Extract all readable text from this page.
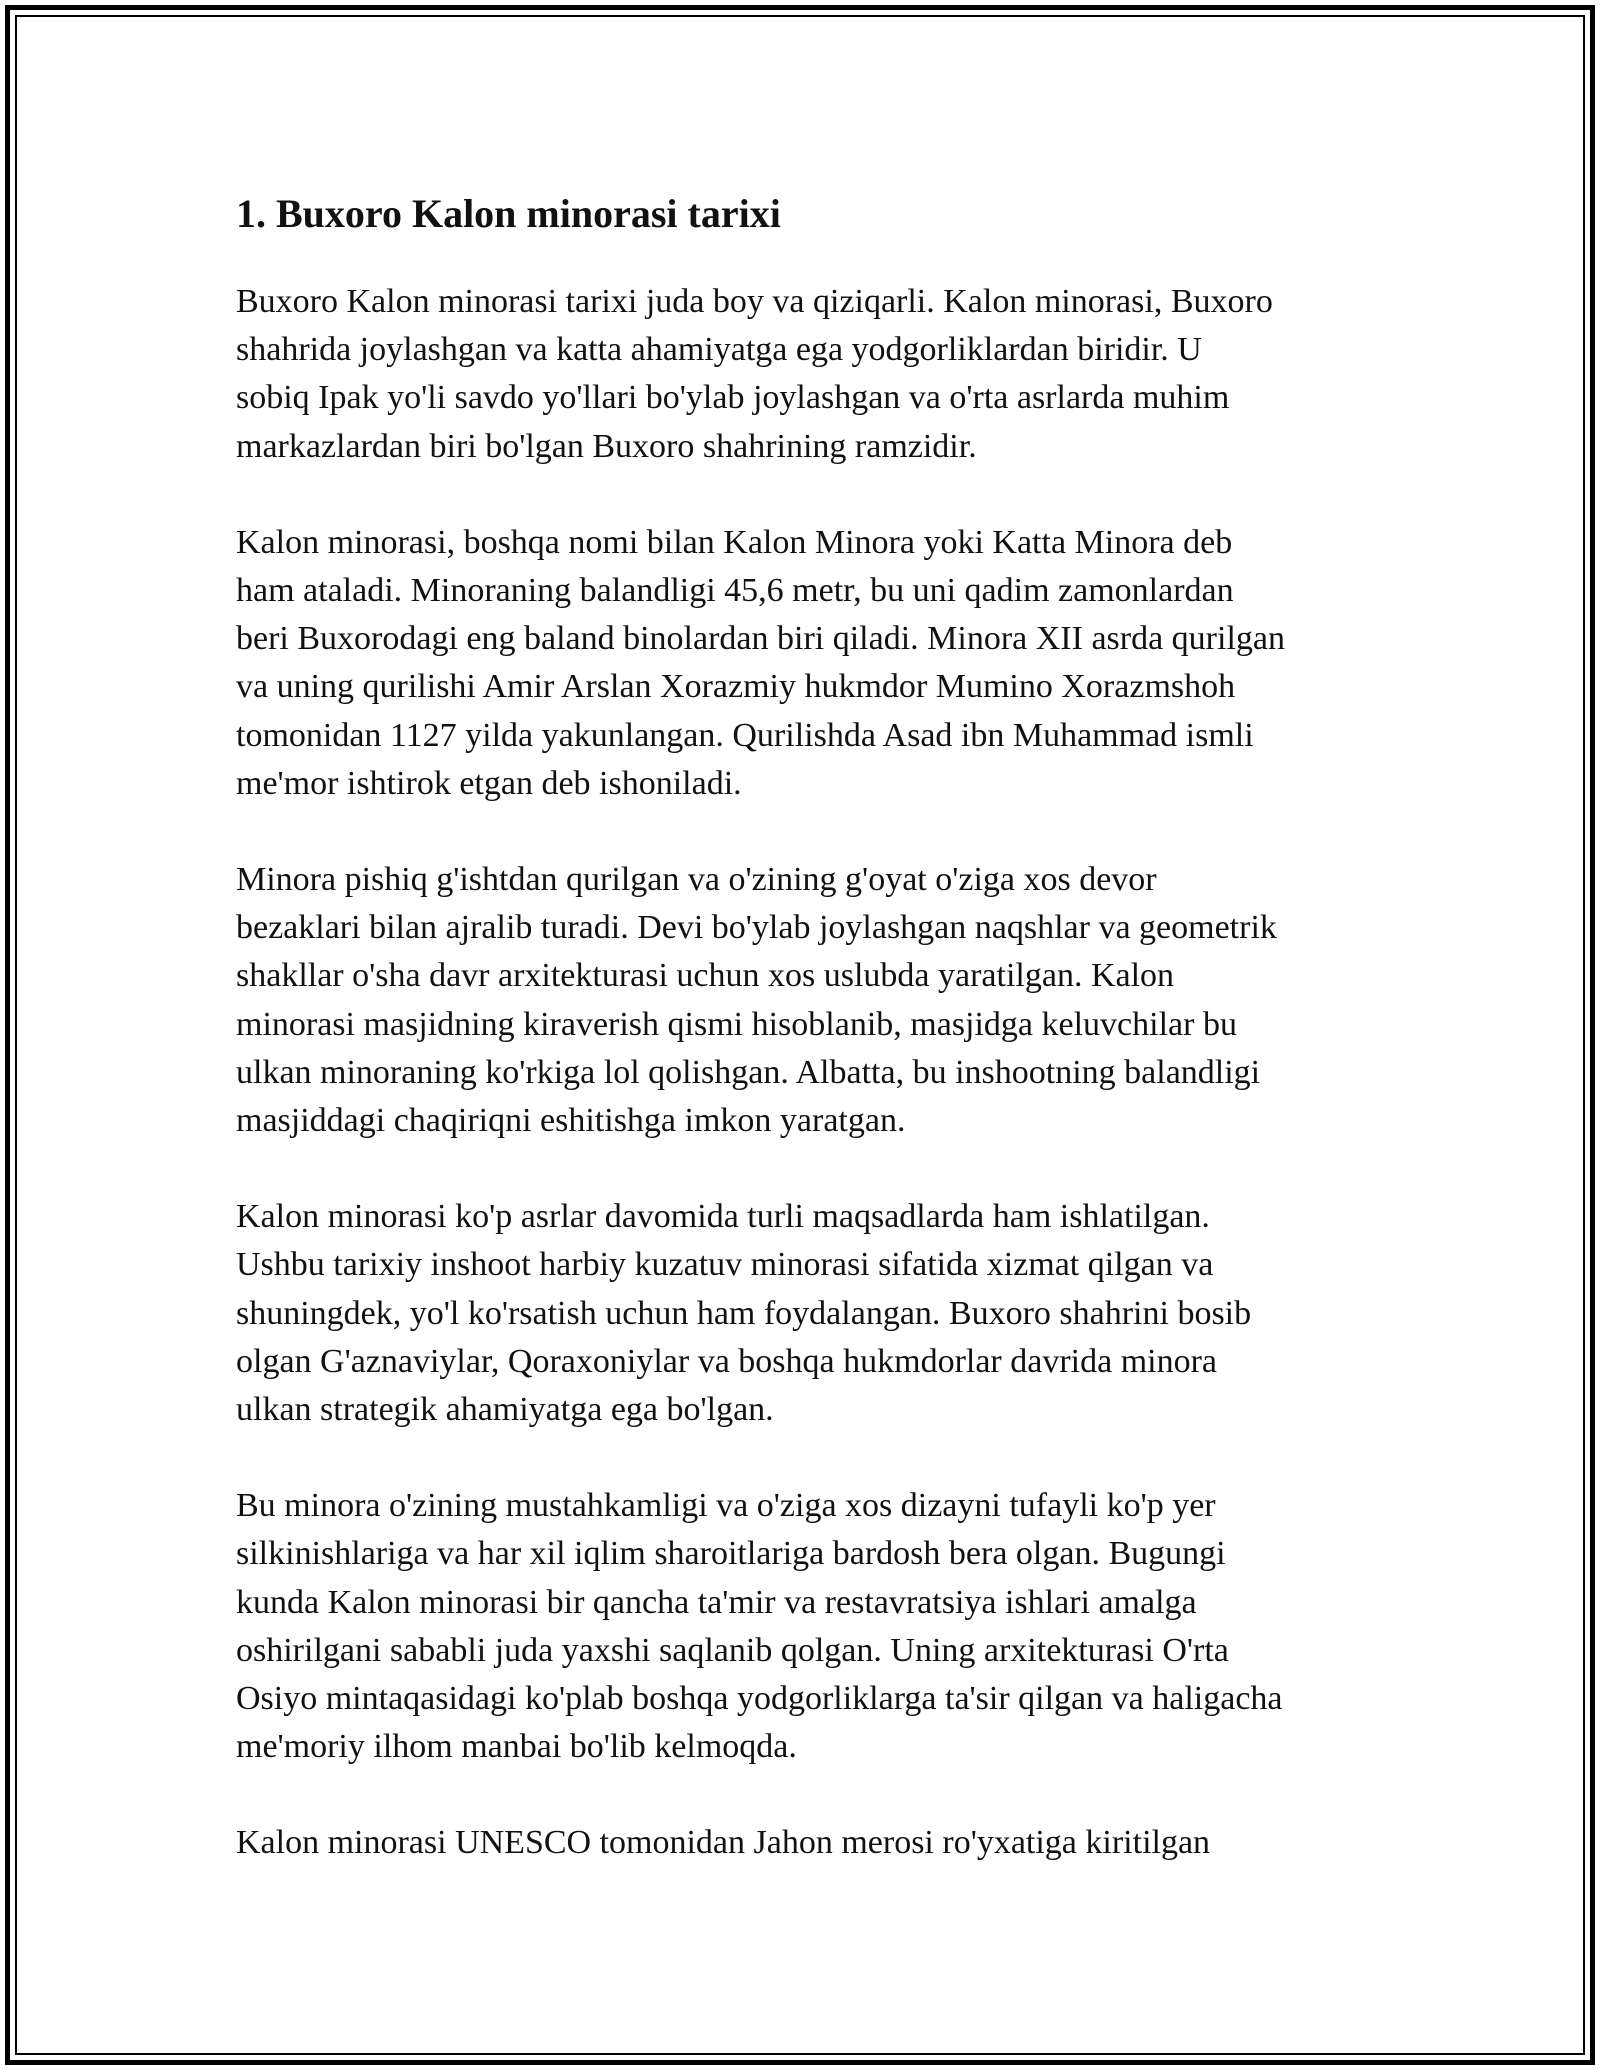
1. Buxoro Kalon minorasi tarixi
Buxoro Kalon minorasi tarixi juda boy va qiziqarli. Kalon minorasi, Buxoro
shahrida joylashgan va katta ahamiyatga ega yodgorliklardan biridir. U
sobiq Ipak yo'li savdo yo'llari bo'ylab joylashgan va o'rta asrlarda muhim
markazlardan biri bo'lgan Buxoro shahrining ramzidir.
Kalon minorasi, boshqa nomi bilan Kalon Minora yoki Katta Minora deb
ham ataladi. Minoraning balandligi 45,6 metr, bu uni qadim zamonlardan
beri Buxorodagi eng baland binolardan biri qiladi. Minora XII asrda qurilgan
va uning qurilishi Amir Arslan Xorazmiy hukmdor Mumino Xorazmshoh
tomonidan 1127 yilda yakunlangan. Qurilishda Asad ibn Muhammad ismli
me'mor ishtirok etgan deb ishoniladi.
Minora pishiq g'ishtdan qurilgan va o'zining g'oyat o'ziga xos devor
bezaklari bilan ajralib turadi. Devi bo'ylab joylashgan naqshlar va geometrik
shakllar o'sha davr arxitekturasi uchun xos uslubda yaratilgan. Kalon
minorasi masjidning kiraverish qismi hisoblanib, masjidga keluvchilar bu
ulkan minoraning ko'rkiga lol qolishgan. Albatta, bu inshootning balandligi
masjiddagi chaqiriqni eshitishga imkon yaratgan.
Kalon minorasi ko'p asrlar davomida turli maqsadlarda ham ishlatilgan.
Ushbu tarixiy inshoot harbiy kuzatuv minorasi sifatida xizmat qilgan va
shuningdek, yo'l ko'rsatish uchun ham foydalangan. Buxoro shahrini bosib
olgan G'aznaviylar, Qoraxoniylar va boshqa hukmdorlar davrida minora
ulkan strategik ahamiyatga ega bo'lgan.
Bu minora o'zining mustahkamligi va o'ziga xos dizayni tufayli ko'p yer
silkinishlariga va har xil iqlim sharoitlariga bardosh bera olgan. Bugungi
kunda Kalon minorasi bir qancha ta'mir va restavratsiya ishlari amalga
oshirilgani sababli juda yaxshi saqlanib qolgan. Uning arxitekturasi O'rta
Osiyo mintaqasidagi ko'plab boshqa yodgorliklarga ta'sir qilgan va haligacha
me'moriy ilhom manbai bo'lib kelmoqda.
Kalon minorasi UNESCO tomonidan Jahon merosi ro'yxatiga kiritilgan
